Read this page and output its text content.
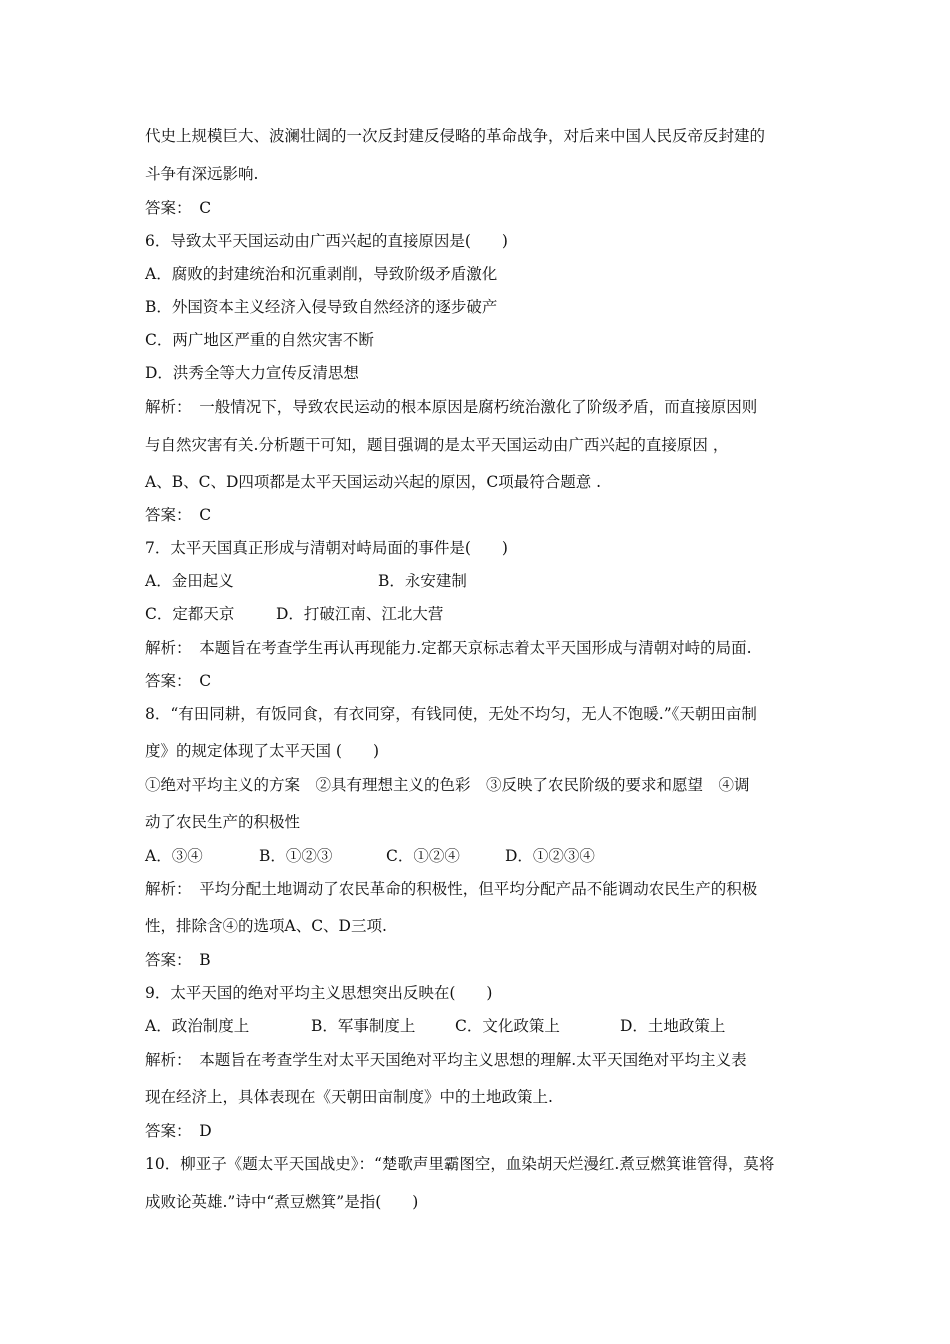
代史上规模巨大、波澜壮阔的一次反封建反侵略的革命战争，对后来中国人民反帝反封建的
斗争有深远影响.
答案：　C
6．导致太平天国运动由广西兴起的直接原因是(　　)
A．腐败的封建统治和沉重剥削，导致阶级矛盾激化
B．外国资本主义经济入侵导致自然经济的逐步破产
C．两广地区严重的自然灾害不断
D．洪秀全等大力宣传反清思想
解析：　一般情况下，导致农民运动的根本原因是腐朽统治激化了阶级矛盾，而直接原因则
与自然灾害有关.分析题干可知，题目强调的是太平天国运动由广西兴起的直接原因 ，
A、B、C、D四项都是太平天国运动兴起的原因，C项最符合题意 .
答案：　C
7．太平天国真正形成与清朝对峙局面的事件是(　　)
A．金田起义	B．永安建制
C．定都天京	D．打破江南、江北大营
解析：　本题旨在考查学生再认再现能力.定都天京标志着太平天国形成与清朝对峙的局面.
答案：　C
8．“有田同耕，有饭同食，有衣同穿，有钱同使，无处不均匀，无人不饱暖.”《天朝田亩制
度》的规定体现了太平天国 (　　)
①绝对平均主义的方案　②具有理想主义的色彩　③反映了农民阶级的要求和愿望　④调
动了农民生产的积极性
A．③④	B．①②③	C．①②④	D．①②③④
解析：　平均分配土地调动了农民革命的积极性，但平均分配产品不能调动农民生产的积极
性，排除含④的选项A、C、D三项.
答案：　B
9．太平天国的绝对平均主义思想突出反映在(　　)
A．政治制度上	B．军事制度上	C．文化政策上	D．土地政策上
解析：　本题旨在考查学生对太平天国绝对平均主义思想的理解.太平天国绝对平均主义表
现在经济上，具体表现在《天朝田亩制度》中的土地政策上.
答案：　D
10．柳亚子《题太平天国战史》：“楚歌声里霸图空，血染胡天烂漫红.煮豆燃箕谁管得，莫将
成败论英雄.”诗中“煮豆燃箕”是指(　　)
